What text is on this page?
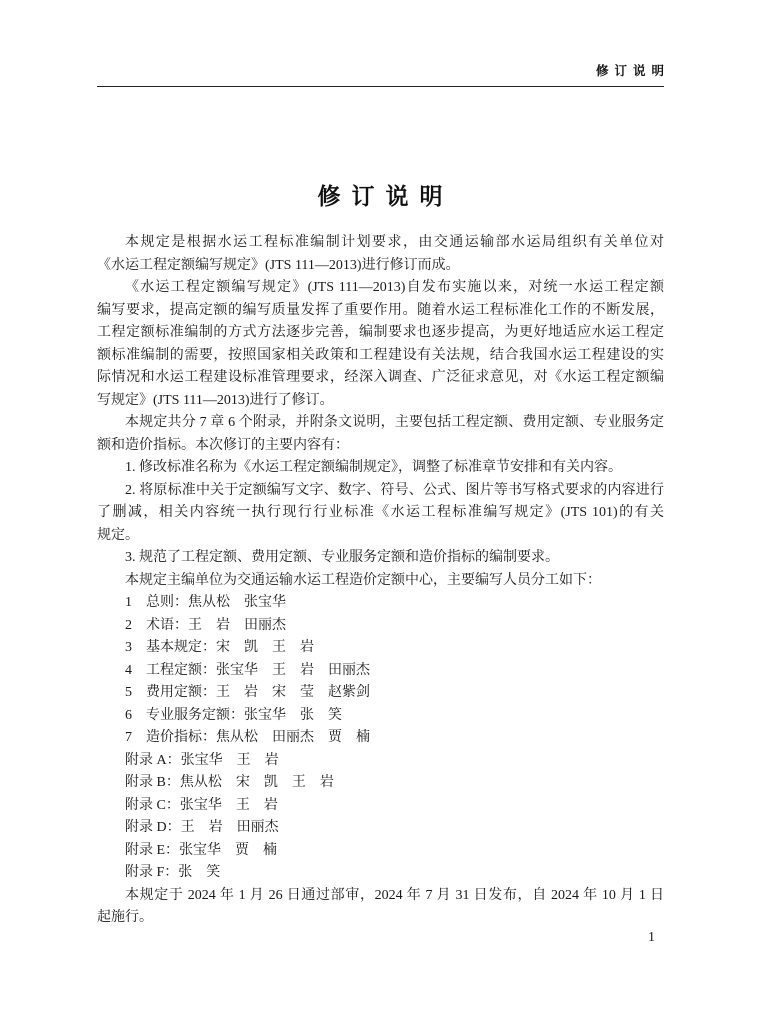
修订说明
修订说明
本规定是根据水运工程标准编制计划要求，由交通运输部水运局组织有关单位对
《水运工程定额编写规定》(JTS 111—2013)进行修订而成。
《水运工程定额编写规定》(JTS 111—2013)自发布实施以来，对统一水运工程定额
编写要求，提高定额的编写质量发挥了重要作用。随着水运工程标准化工作的不断发展，
工程定额标准编制的方式方法逐步完善，编制要求也逐步提高，为更好地适应水运工程定
额标准编制的需要，按照国家相关政策和工程建设有关法规，结合我国水运工程建设的实
际情况和水运工程建设标准管理要求，经深入调查、广泛征求意见，对《水运工程定额编
写规定》(JTS 111—2013)进行了修订。
本规定共分 7 章 6 个附录，并附条文说明，主要包括工程定额、费用定额、专业服务定
额和造价指标。本次修订的主要内容有：
1. 修改标准名称为《水运工程定额编制规定》，调整了标准章节安排和有关内容。
2. 将原标准中关于定额编写文字、数字、符号、公式、图片等书写格式要求的内容进行
了删减，相关内容统一执行现行行业标准《水运工程标准编写规定》(JTS 101)的有关
规定。
3. 规范了工程定额、费用定额、专业服务定额和造价指标的编制要求。
本规定主编单位为交通运输水运工程造价定额中心，主要编写人员分工如下：
1　总则：焦从松　张宝华
2　术语：王　岩　田丽杰
3　基本规定：宋　凯　王　岩
4　工程定额：张宝华　王　岩　田丽杰
5　费用定额：王　岩　宋　莹　赵紫剑
6　专业服务定额：张宝华　张　笑
7　造价指标：焦从松　田丽杰　贾　楠
附录 A：张宝华　王　岩
附录 B：焦从松　宋　凯　王　岩
附录 C：张宝华　王　岩
附录 D：王　岩　田丽杰
附录 E：张宝华　贾　楠
附录 F：张　笑
本规定于 2024 年 1 月 26 日通过部审，2024 年 7 月 31 日发布，自 2024 年 10 月 1 日
起施行。
1
